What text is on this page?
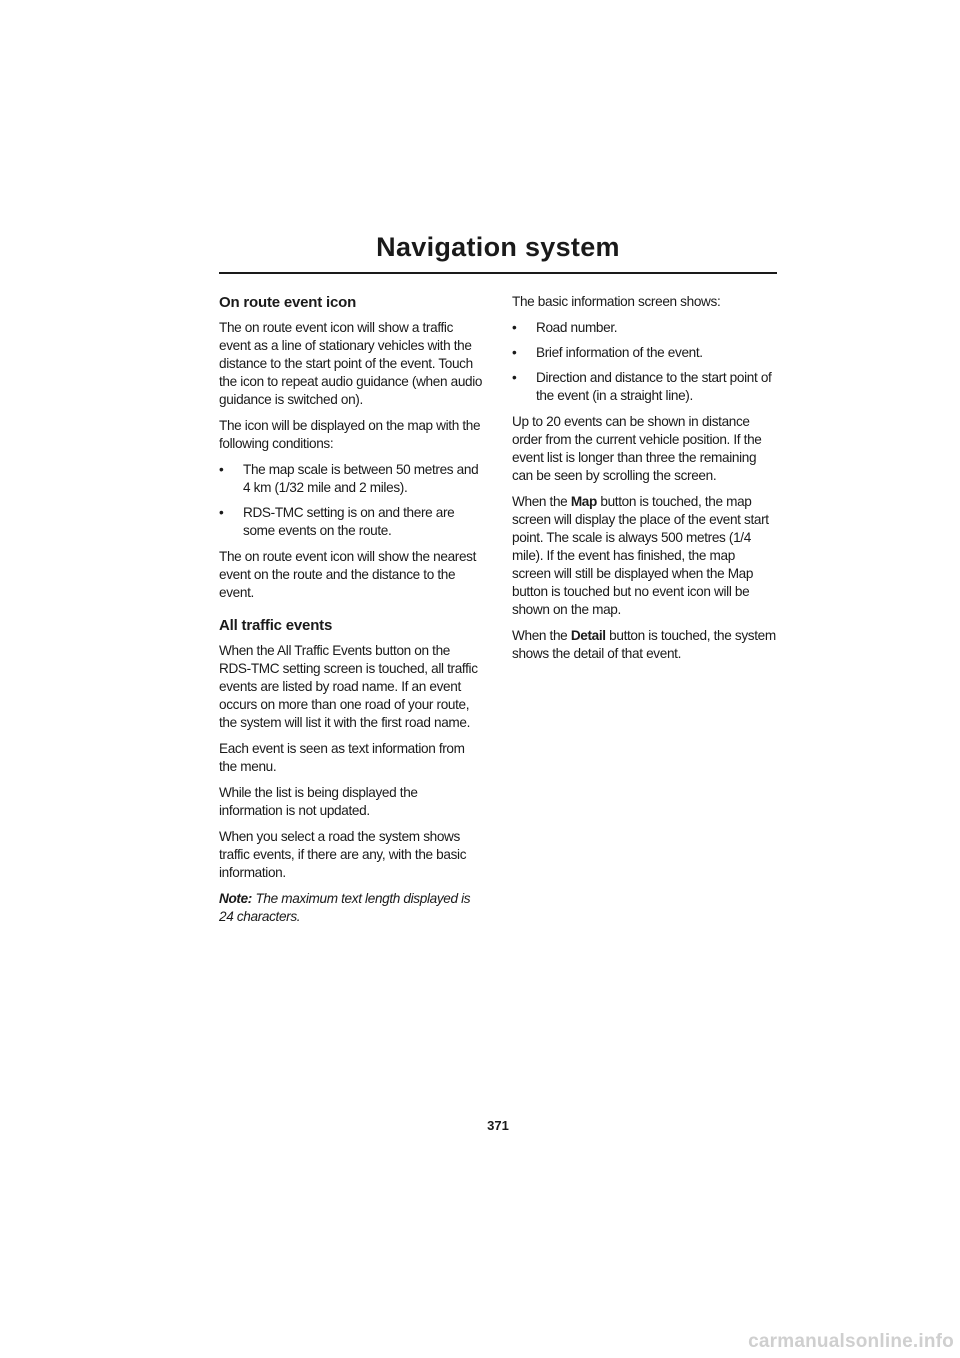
Navigation system
On route event icon

The on route event icon will show a traffic event as a line of stationary vehicles with the distance to the start point of the event. Touch the icon to repeat audio guidance (when audio guidance is switched on).

The icon will be displayed on the map with the following conditions:

• The map scale is between 50 metres and 4 km (1/32 mile and 2 miles).
• RDS-TMC setting is on and there are some events on the route.

The on route event icon will show the nearest event on the route and the distance to the event.

All traffic events

When the All Traffic Events button on the RDS-TMC setting screen is touched, all traffic events are listed by road name. If an event occurs on more than one road of your route, the system will list it with the first road name.

Each event is seen as text information from the menu.

While the list is being displayed the information is not updated.

When you select a road the system shows traffic events, if there are any, with the basic information.

Note: The maximum text length displayed is 24 characters.

The basic information screen shows:

• Road number.
• Brief information of the event.
• Direction and distance to the start point of the event (in a straight line).

Up to 20 events can be shown in distance order from the current vehicle position. If the event list is longer than three the remaining can be seen by scrolling the screen.

When the Map button is touched, the map screen will display the place of the event start point. The scale is always 500 metres (1/4 mile). If the event has finished, the map screen will still be displayed when the Map button is touched but no event icon will be shown on the map.

When the Detail button is touched, the system shows the detail of that event.

371
carmanualsonline.info
